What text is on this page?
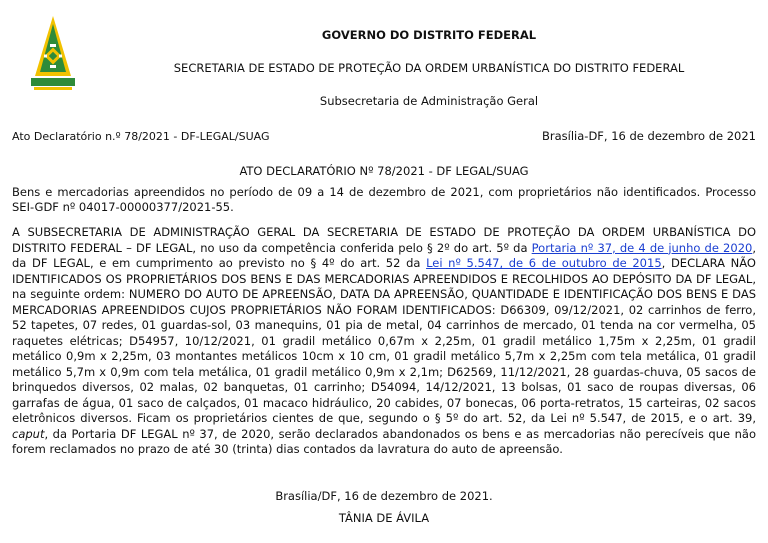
GOVERNO DO DISTRITO FEDERAL
SECRETARIA DE ESTADO DE PROTEÇÃO DA ORDEM URBANÍSTICA DO DISTRITO FEDERAL
Subsecretaria de Administração Geral
Ato Declaratório n.º 78/2021 - DF-LEGAL/SUAG	Brasília-DF, 16 de dezembro de 2021
ATO DECLARATÓRIO Nº 78/2021 - DF LEGAL/SUAG
Bens e mercadorias apreendidos no período de 09 a 14 de dezembro de 2021, com proprietários não identificados. Processo SEI-GDF nº 04017-00000377/2021-55.
A SUBSECRETARIA DE ADMINISTRAÇÃO GERAL DA SECRETARIA DE ESTADO DE PROTEÇÃO DA ORDEM URBANÍSTICA DO DISTRITO FEDERAL – DF LEGAL, no uso da competência conferida pelo § 2º do art. 5º da Portaria nº 37, de 4 de junho de 2020, da DF LEGAL, e em cumprimento ao previsto no § 4º do art. 52 da Lei nº 5.547, de 6 de outubro de 2015, DECLARA NÃO IDENTIFICADOS OS PROPRIETÁRIOS DOS BENS E DAS MERCADORIAS APREENDIDOS E RECOLHIDOS AO DEPÓSITO DA DF LEGAL, na seguinte ordem: NUMERO DO AUTO DE APREENSÃO, DATA DA APREENSÃO, QUANTIDADE E IDENTIFICAÇÃO DOS BENS E DAS MERCADORIAS APREENDIDOS CUJOS PROPRIETÁRIOS NÃO FORAM IDENTIFICADOS: D66309, 09/12/2021, 02 carrinhos de ferro, 52 tapetes, 07 redes, 01 guardas-sol, 03 manequins, 01 pia de metal, 04 carrinhos de mercado, 01 tenda na cor vermelha, 05 raquetes elétricas; D54957, 10/12/2021, 01 gradil metálico 0,67m x 2,25m, 01 gradil metálico 1,75m x 2,25m, 01 gradil metálico 0,9m x 2,25m, 03 montantes metálicos 10cm x 10 cm, 01 gradil metálico 5,7m x 2,25m com tela metálica, 01 gradil metálico 5,7m x 0,9m com tela metálica, 01 gradil metálico 0,9m x 2,1m; D62569, 11/12/2021, 28 guardas-chuva, 05 sacos de brinquedos diversos, 02 malas, 02 banquetas, 01 carrinho; D54094, 14/12/2021, 13 bolsas, 01 saco de roupas diversas, 06 garrafas de água, 01 saco de calçados, 01 macaco hidráulico, 20 cabides, 07 bonecas, 06 porta-retratos, 15 carteiras, 02 sacos eletrônicos diversos. Ficam os proprietários cientes de que, segundo o § 5º do art. 52, da Lei nº 5.547, de 2015, e o art. 39, caput, da Portaria DF LEGAL nº 37, de 2020, serão declarados abandonados os bens e as mercadorias não perecíveis que não forem reclamados no prazo de até 30 (trinta) dias contados da lavratura do auto de apreensão.
Brasília/DF, 16 de dezembro de 2021.
TÂNIA DE ÁVILA
